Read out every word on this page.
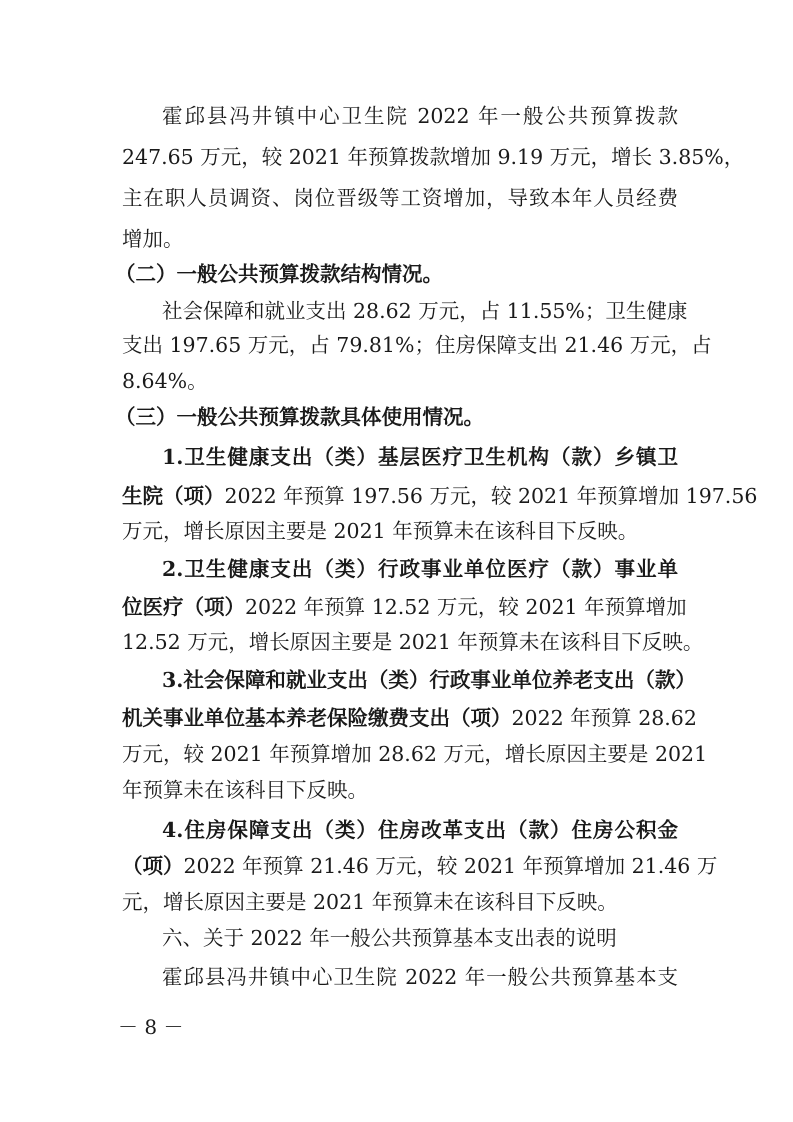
霍邱县冯井镇中心卫生院 2022 年一般公共预算拨款
247.65 万元，较 2021 年预算拨款增加 9.19 万元，增长 3.85%，
主在职人员调资、岗位晋级等工资增加，导致本年人员经费
增加。
（二）一般公共预算拨款结构情况。
社会保障和就业支出 28.62 万元，占 11.55%；卫生健康
支出 197.65 万元，占 79.81%；住房保障支出 21.46 万元，占
8.64%。
（三）一般公共预算拨款具体使用情况。
1.卫生健康支出（类）基层医疗卫生机构（款）乡镇卫
生院（项）2022 年预算 197.56 万元，较 2021 年预算增加 197.56
万元，增长原因主要是 2021 年预算未在该科目下反映。
2.卫生健康支出（类）行政事业单位医疗（款）事业单
位医疗（项）2022 年预算 12.52 万元，较 2021 年预算增加
12.52 万元，增长原因主要是 2021 年预算未在该科目下反映。
3.社会保障和就业支出（类）行政事业单位养老支出（款）
机关事业单位基本养老保险缴费支出（项）2022 年预算 28.62
万元，较 2021 年预算增加 28.62 万元，增长原因主要是 2021
年预算未在该科目下反映。
4.住房保障支出（类）住房改革支出（款）住房公积金
（项）2022 年预算 21.46 万元，较 2021 年预算增加 21.46 万
元，增长原因主要是 2021 年预算未在该科目下反映。
六、关于 2022 年一般公共预算基本支出表的说明
霍邱县冯井镇中心卫生院 2022 年一般公共预算基本支
－ 8 －
